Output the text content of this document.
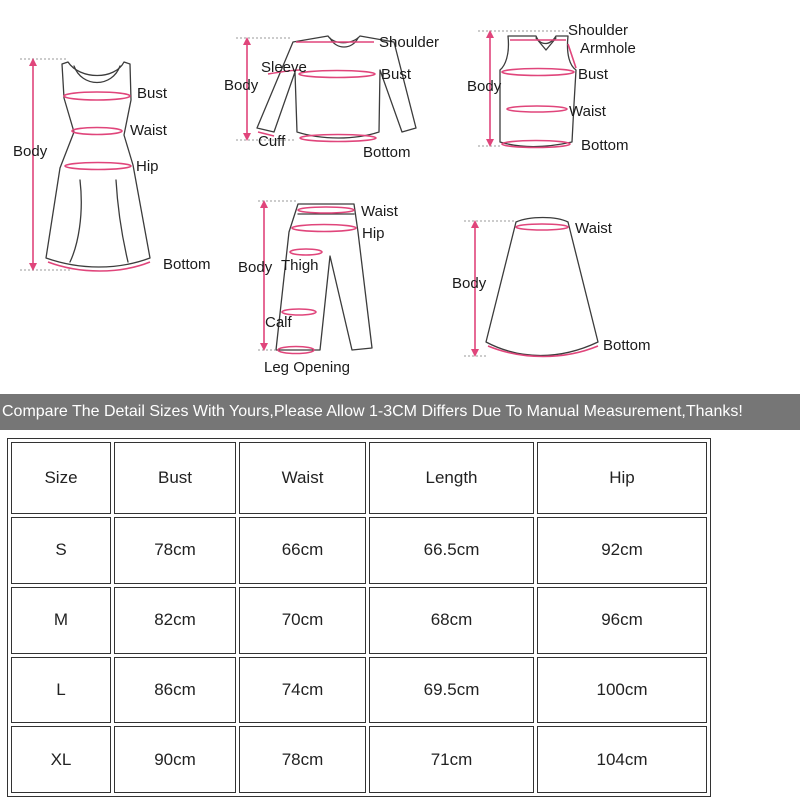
Bust
Waist
Hip
Body
Bottom
Shoulder
Sleeve	Bust
Body
Cuff
Bottom
Shoulder
Armhole
Bust
Body
Waist
Bottom
Waist
Hip
Body Thigh
Calf
Leg Opening
Waist
Body
Bottom
Compare The Detail Sizes With Yours,Please Allow 1-3CM Differs Due To Manual Measurement,Thanks!
Size	Bust	Waist	Length	Hip
S	78cm	66cm	66.5cm	92cm
M	82cm	70cm	68cm	96cm
L	86cm	74cm	69.5cm	100cm
XL	90cm	78cm	71cm	104cm
